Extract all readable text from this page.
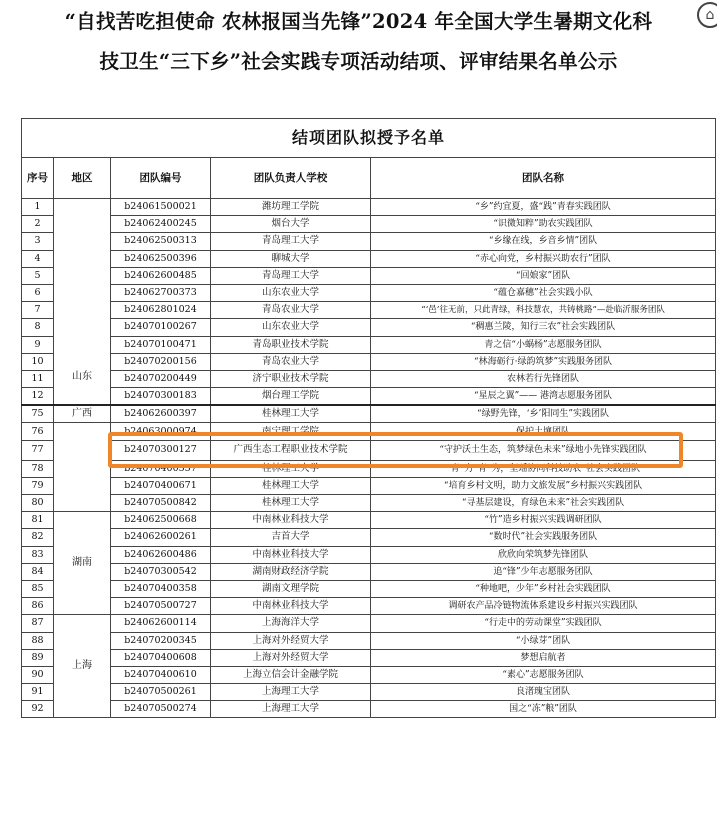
“自找苦吃担使命 农林报国当先锋”2024 年全国大学生暑期文化科
技卫生“三下乡”社会实践专项活动结项、评审结果名单公示
⌂
结项团队拟授予名单				
序号	地区	团队编号	团队负责人学校	团队名称
1	山东	b24061500021	潍坊理工学院	“乡”约宜夏，盛“践”青春实践团队
2		b24062400245	烟台大学	“识微知粹”助农实践团队
3		b24062500313	青岛理工大学	“乡缘在线，乡音乡情”团队
4		b24062500396	聊城大学	“赤心向党，乡村振兴助农行”团队
5		b24062600485	青岛理工大学	“回娘家”团队
6		b24062700373	山东农业大学	“蕴仓嘉穗”社会实践小队
7		b24062801024	青岛农业大学	“‘邑’往无前，只此青绿，科技慧农，共铸桃路”—赴临沂服务团队
8		b24070100267	山东农业大学	“稠惠兰陵，知行三农”社会实践团队
9		b24070100471	青岛职业技术学院	青之信“小蜗杨”志愿服务团队
10		b24070200156	青岛农业大学	“林海砺行·绿韵筑梦”实践服务团队
11		b24070200449	济宁职业技术学院	农林若行先锋团队
12		b24070300183	烟台理工学院	“星辰之翼”—— 港湾志愿服务团队
75	广西	b24062600397	桂林理工大学	“绿野先锋，‘乡’阳同生”实践团队
76		b24063000974	南宁理工学院	保护土壤团队
77		b24070300127	广西生态工程职业技术学院	“守护沃土生态，筑梦绿色未来”绿地小先锋实践团队
78		b24070400557	桂林理工大学	“青”力“青”为，坚瑶协同科技助农”社会实践团队
79		b24070400671	桂林理工大学	“培育乡村文明，助力文旅发展”乡村振兴实践团队
80		b24070500842	桂林理工大学	“寻基层建设，育绿色未来”社会实践团队
81	湖南	b24062500668	中南林业科技大学	“竹”造乡村振兴实践调研团队
82		b24062600261	吉首大学	“数时代”社会实践服务团队
83		b24062600486	中南林业科技大学	欣欣向荣筑梦先锋团队
84		b24070300542	湖南财政经济学院	追“锋”少年志愿服务团队
85		b24070400358	湖南文理学院	“种地吧，少年”乡村社会实践团队
86		b24070500727	中南林业科技大学	调研农产品冷链物流体系建设乡村振兴实践团队
87	上海	b24062600114	上海海洋大学	“行走中的劳动课堂”实践团队
88		b24070200345	上海对外经贸大学	“小绿芽”团队
89		b24070400608	上海对外经贸大学	梦想启航者
90		b24070400610	上海立信会计金融学院	“素心”志愿服务团队
91		b24070500261	上海理工大学	良渚瑰宝团队
92		b24070500274	上海理工大学	国之“冻”粮”团队
